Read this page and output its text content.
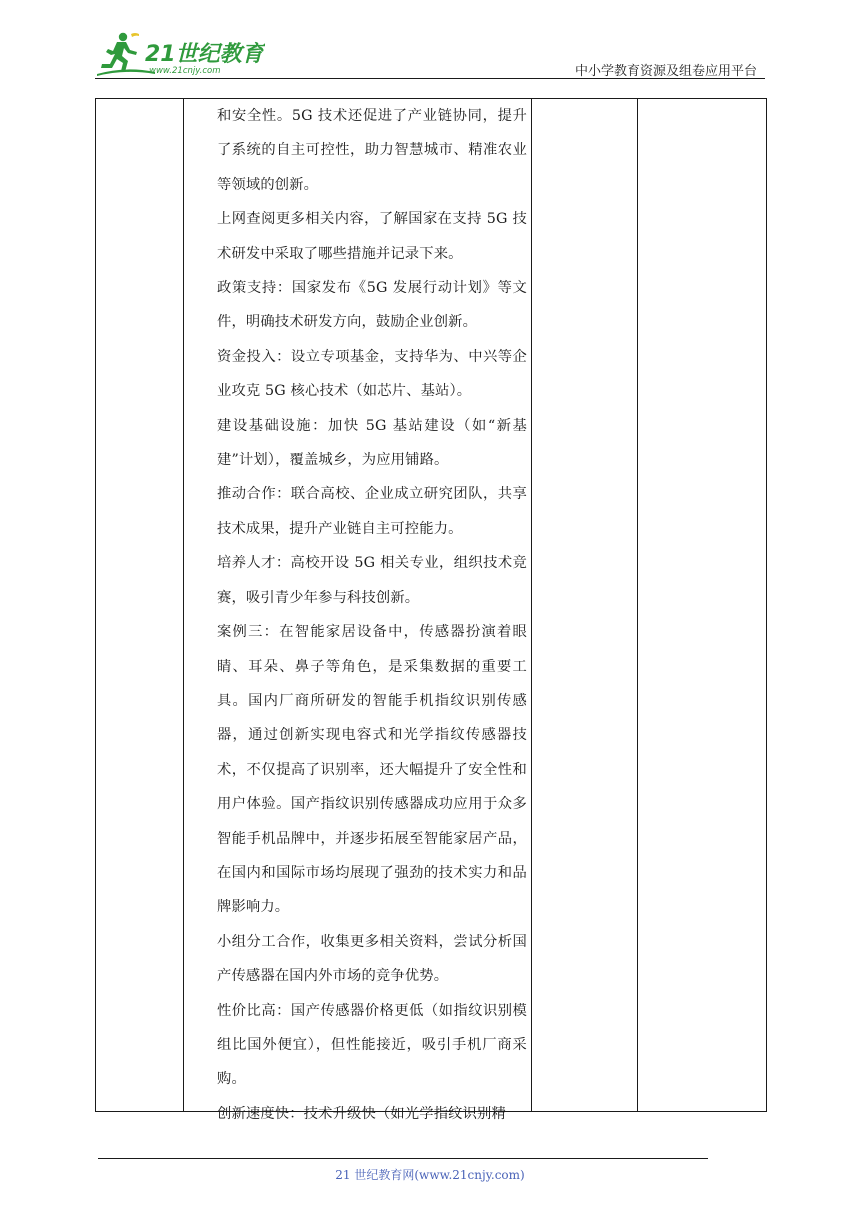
21世纪教育
www.21cnjy.com	中小学教育资源及组卷应用平台

和安全性。5G 技术还促进了产业链协同，提升了系统的自主可控性，助力智慧城市、精准农业等领域的创新。

上网查阅更多相关内容，了解国家在支持 5G 技术研发中采取了哪些措施并记录下来。

政策支持：国家发布《5G 发展行动计划》等文件，明确技术研发方向，鼓励企业创新。

资金投入：设立专项基金，支持华为、中兴等企业攻克 5G 核心技术（如芯片、基站）。

建设基础设施：加快 5G 基站建设（如“新基建”计划），覆盖城乡，为应用铺路。

推动合作：联合高校、企业成立研究团队，共享技术成果，提升产业链自主可控能力。

培养人才：高校开设 5G 相关专业，组织技术竞赛，吸引青少年参与科技创新。

案例三：在智能家居设备中，传感器扮演着眼睛、耳朵、鼻子等角色，是采集数据的重要工具。国内厂商所研发的智能手机指纹识别传感器，通过创新实现电容式和光学指纹传感器技术，不仅提高了识别率，还大幅提升了安全性和用户体验。国产指纹识别传感器成功应用于众多智能手机品牌中，并逐步拓展至智能家居产品，在国内和国际市场均展现了强劲的技术实力和品牌影响力。

小组分工合作，收集更多相关资料，尝试分析国产传感器在国内外市场的竞争优势。

性价比高：国产传感器价格更低（如指纹识别模组比国外便宜），但性能接近，吸引手机厂商采购。

创新速度快：技术升级快（如光学指纹识别精

21 世纪教育网(www.21cnjy.com)
